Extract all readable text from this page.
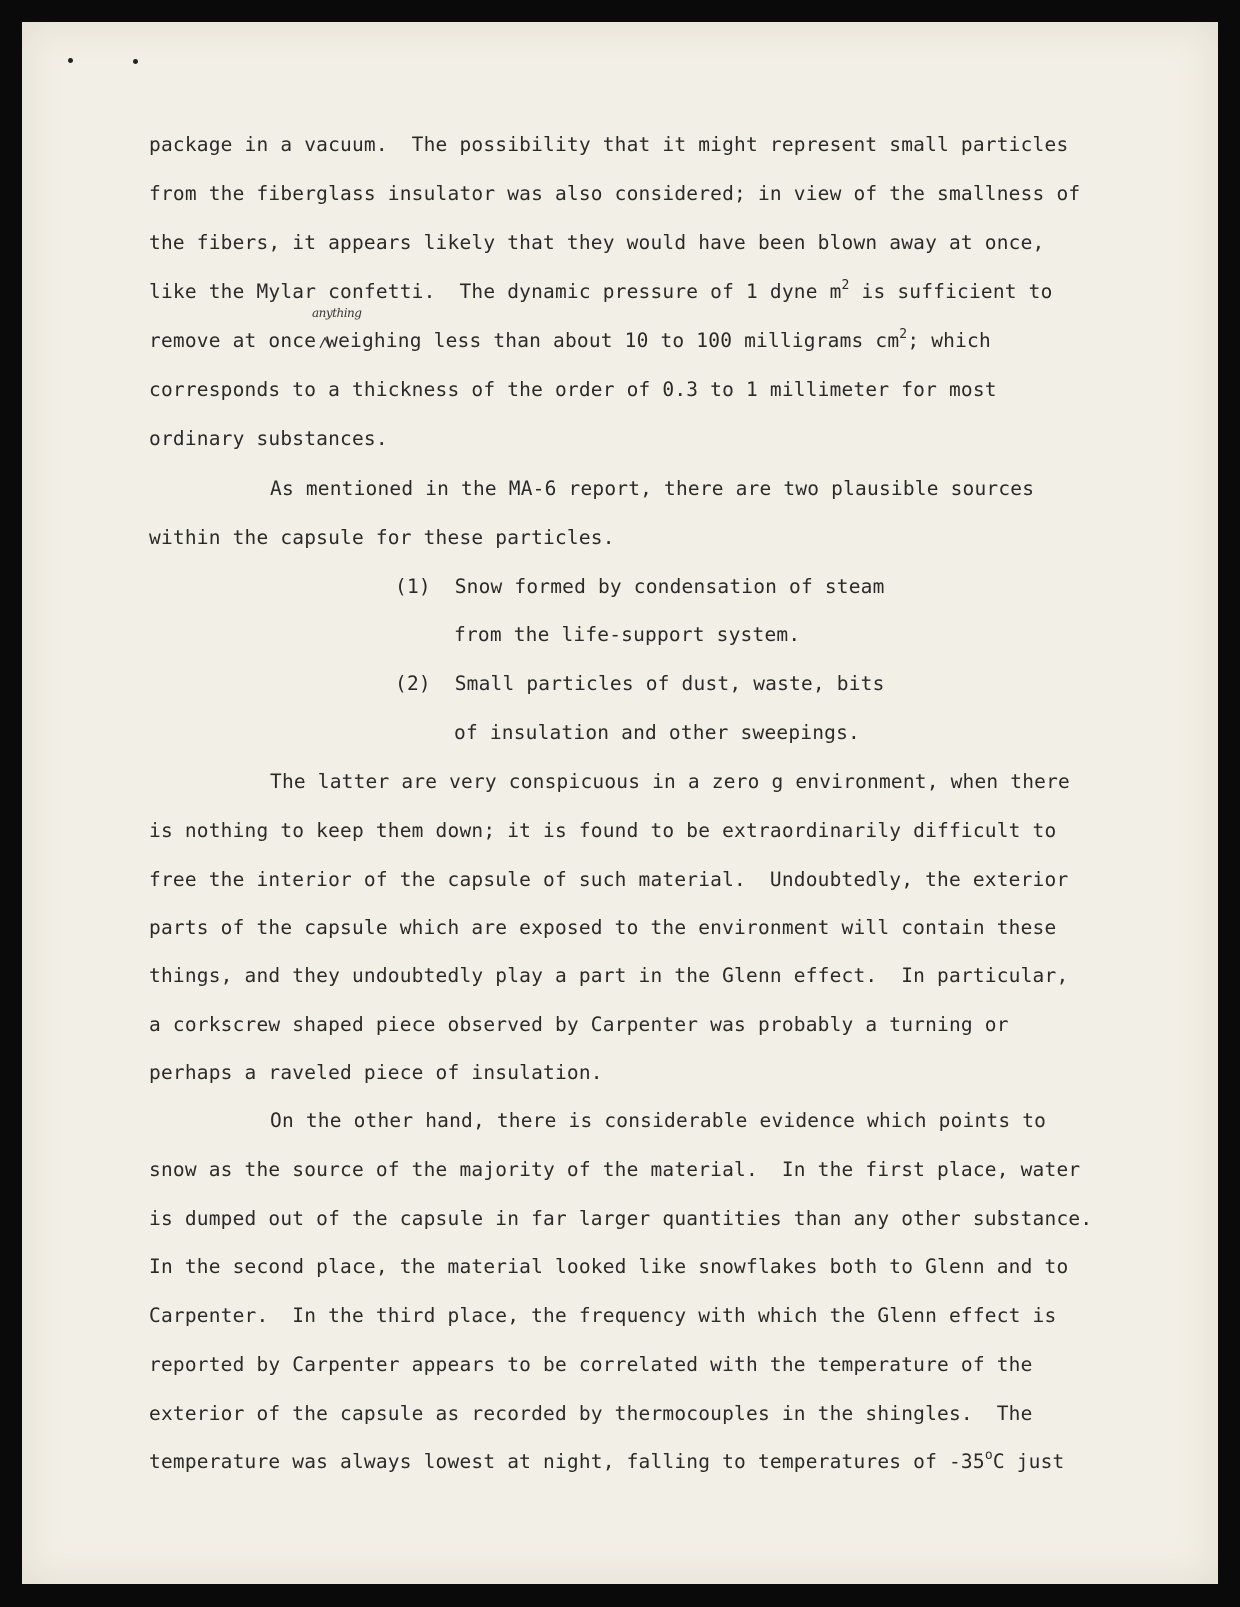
package in a vacuum.  The possibility that it might represent small particles
from the fiberglass insulator was also considered; in view of the smallness of
the fibers, it appears likely that they would have been blown away at once,
like the Mylar confetti.  The dynamic pressure of 1 dyne $m^2$ is sufficient to
anything
remove at once weighing less than about 10 to 100 milligrams $cm^2$; which
corresponds to a thickness of the order of 0.3 to 1 millimeter for most
ordinary substances.
As mentioned in the MA-6 report, there are two plausible sources
within the capsule for these particles.
(1)  Snow formed by condensation of steam
from the life-support system.
(2)  Small particles of dust, waste, bits
of insulation and other sweepings.
The latter are very conspicuous in a zero g environment, when there
is nothing to keep them down; it is found to be extraordinarily difficult to
free the interior of the capsule of such material.  Undoubtedly, the exterior
parts of the capsule which are exposed to the environment will contain these
things, and they undoubtedly play a part in the Glenn effect.  In particular,
a corkscrew shaped piece observed by Carpenter was probably a turning or
perhaps a raveled piece of insulation.
On the other hand, there is considerable evidence which points to
snow as the source of the majority of the material.  In the first place, water
is dumped out of the capsule in far larger quantities than any other substance.
In the second place, the material looked like snowflakes both to Glenn and to
Carpenter.  In the third place, the frequency with which the Glenn effect is
reported by Carpenter appears to be correlated with the temperature of the
exterior of the capsule as recorded by thermocouples in the shingles.  The
temperature was always lowest at night, falling to temperatures of -35$^o$C just
